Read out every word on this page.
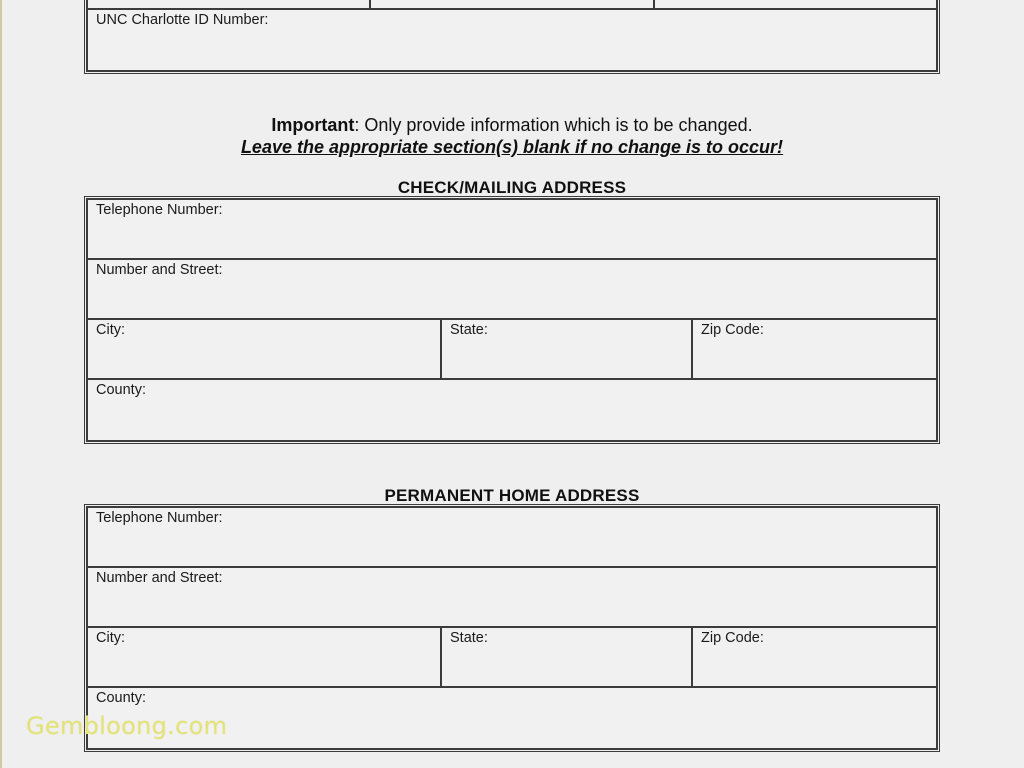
UNC Charlotte ID Number:
Important: Only provide information which is to be changed.
Leave the appropriate section(s) blank if no change is to occur!
CHECK/MAILING ADDRESS
Telephone Number:
Number and Street:
City:	State:	Zip Code:
County:
PERMANENT HOME ADDRESS
Telephone Number:
Number and Street:
City:	State:	Zip Code:
County:
Gembloong.com
